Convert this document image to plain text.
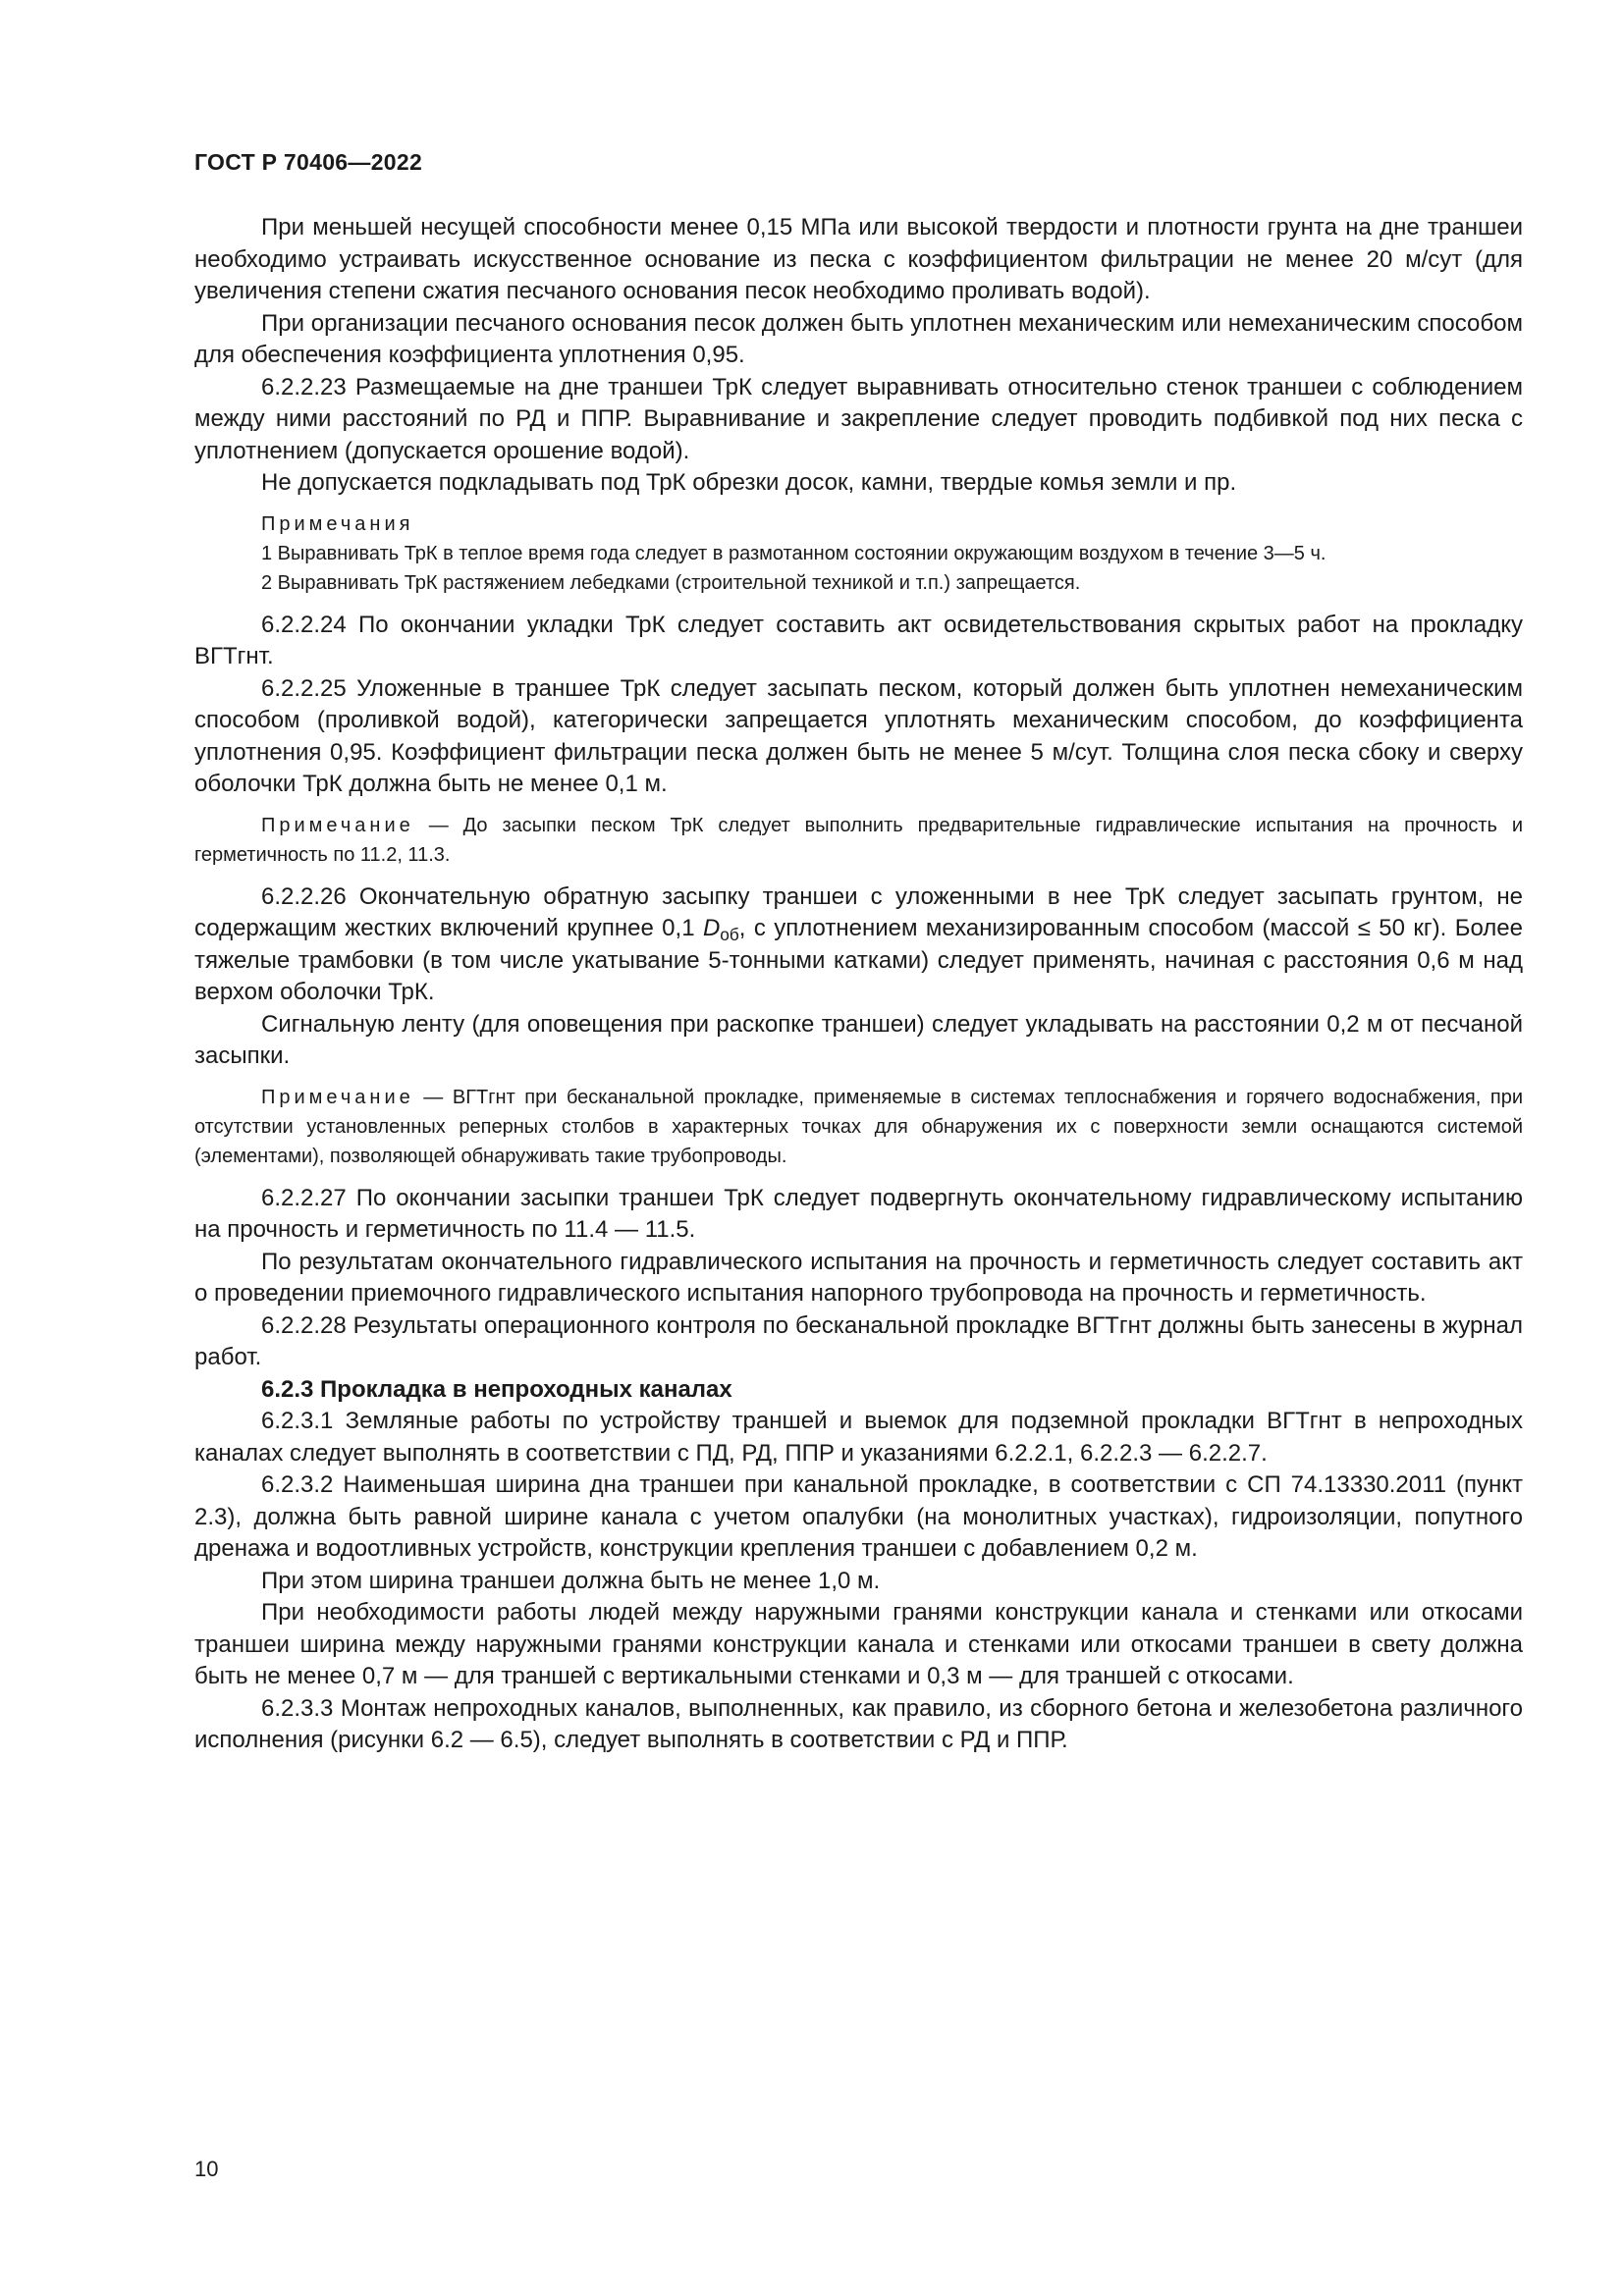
ГОСТ Р 70406—2022

При меньшей несущей способности менее 0,15 МПа или высокой твердости и плотности грунта на дне траншеи необходимо устраивать искусственное основание из песка с коэффициентом фильтрации не менее 20 м/сут (для увеличения степени сжатия песчаного основания песок необходимо проливать водой).

При организации песчаного основания песок должен быть уплотнен механическим или немеханическим способом для обеспечения коэффициента уплотнения 0,95.

6.2.2.23 Размещаемые на дне траншеи ТрК следует выравнивать относительно стенок траншеи с соблюдением между ними расстояний по РД и ППР. Выравнивание и закрепление следует проводить подбивкой под них песка с уплотнением (допускается орошение водой).

Не допускается подкладывать под ТрК обрезки досок, камни, твердые комья земли и пр.

Примечания

1 Выравнивать ТрК в теплое время года следует в размотанном состоянии окружающим воздухом в течение 3—5 ч.

2 Выравнивать ТрК растяжением лебедками (строительной техникой и т.п.) запрещается.

6.2.2.24 По окончании укладки ТрК следует составить акт освидетельствования скрытых работ на прокладку ВГТгнт.

6.2.2.25 Уложенные в траншее ТрК следует засыпать песком, который должен быть уплотнен немеханическим способом (проливкой водой), категорически запрещается уплотнять механическим способом, до коэффициента уплотнения 0,95. Коэффициент фильтрации песка должен быть не менее 5 м/сут. Толщина слоя песка сбоку и сверху оболочки ТрК должна быть не менее 0,1 м.

Примечание — До засыпки песком ТрК следует выполнить предварительные гидравлические испытания на прочность и герметичность по 11.2, 11.3.

6.2.2.26 Окончательную обратную засыпку траншеи с уложенными в нее ТрК следует засыпать грунтом, не содержащим жестких включений крупнее 0,1 $D_{об}$, с уплотнением механизированным способом (массой ≤ 50 кг). Более тяжелые трамбовки (в том числе укатывание 5-тонными катками) следует применять, начиная с расстояния 0,6 м над верхом оболочки ТрК.

Сигнальную ленту (для оповещения при раскопке траншеи) следует укладывать на расстоянии 0,2 м от песчаной засыпки.

Примечание — ВГТгнт при бесканальной прокладке, применяемые в системах теплоснабжения и горячего водоснабжения, при отсутствии установленных реперных столбов в характерных точках для обнаружения их с поверхности земли оснащаются системой (элементами), позволяющей обнаруживать такие трубопроводы.

6.2.2.27 По окончании засыпки траншеи ТрК следует подвергнуть окончательному гидравлическому испытанию на прочность и герметичность по 11.4 — 11.5.

По результатам окончательного гидравлического испытания на прочность и герметичность следует составить акт о проведении приемочного гидравлического испытания напорного трубопровода на прочность и герметичность.

6.2.2.28 Результаты операционного контроля по бесканальной прокладке ВГТгнт должны быть занесены в журнал работ.

6.2.3 Прокладка в непроходных каналах

6.2.3.1 Земляные работы по устройству траншей и выемок для подземной прокладки ВГТгнт в непроходных каналах следует выполнять в соответствии с ПД, РД, ППР и указаниями 6.2.2.1, 6.2.2.3 — 6.2.2.7.

6.2.3.2 Наименьшая ширина дна траншеи при канальной прокладке, в соответствии с СП 74.13330.2011 (пункт 2.3), должна быть равной ширине канала с учетом опалубки (на монолитных участках), гидроизоляции, попутного дренажа и водоотливных устройств, конструкции крепления траншеи с добавлением 0,2 м.

При этом ширина траншеи должна быть не менее 1,0 м.

При необходимости работы людей между наружными гранями конструкции канала и стенками или откосами траншеи ширина между наружными гранями конструкции канала и стенками или откосами траншеи в свету должна быть не менее 0,7 м — для траншей с вертикальными стенками и 0,3 м — для траншей с откосами.

6.2.3.3 Монтаж непроходных каналов, выполненных, как правило, из сборного бетона и железобетона различного исполнения (рисунки 6.2 — 6.5), следует выполнять в соответствии с РД и ППР.

10
